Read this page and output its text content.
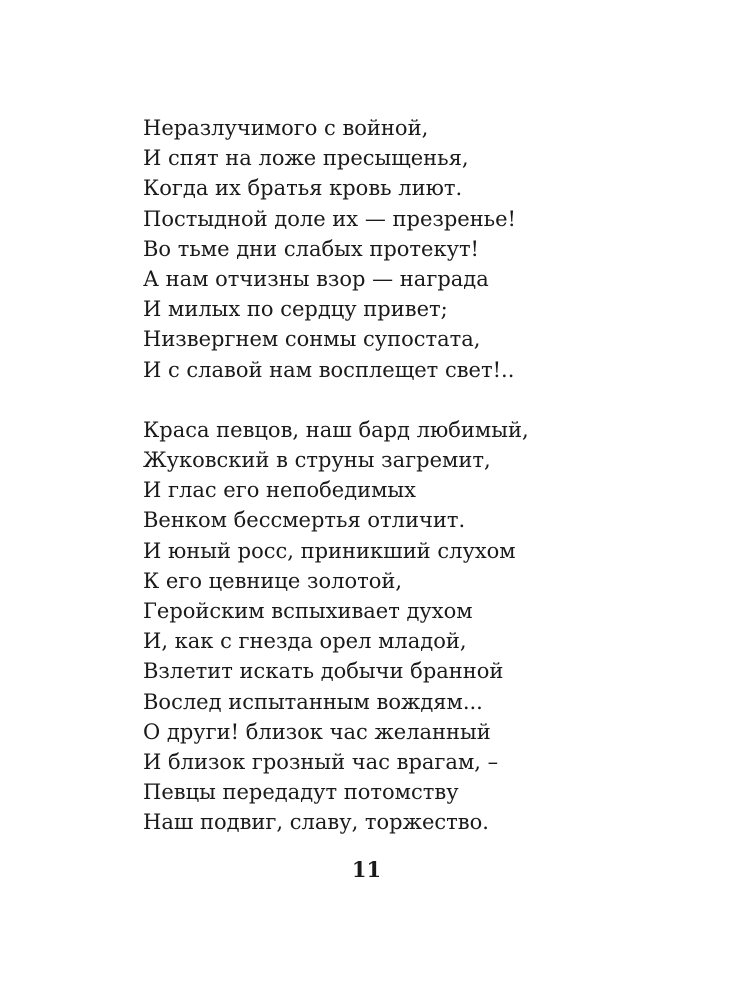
Неразлучимого с войной,
И спят на ложе пресыщенья,
Когда их братья кровь лиют.
Постыдной доле их — презренье!
Во тьме дни слабых протекут!
А нам отчизны взор — награда
И милых по сердцу привет;
Низвергнем сонмы супостата,
И с славой нам восплещет свет!..

Краса певцов, наш бард любимый,
Жуковский в струны загремит,
И глас его непобедимых
Венком бессмертья отличит.
И юный росс, приникший слухом
К его цевнице золотой,
Геройским вспыхивает духом
И, как с гнезда орел младой,
Взлетит искать добычи бранной
Вослед испытанным вождям...
О други! близок час желанный
И близок грозный час врагам, –
Певцы передадут потомству
Наш подвиг, славу, торжество.

11
